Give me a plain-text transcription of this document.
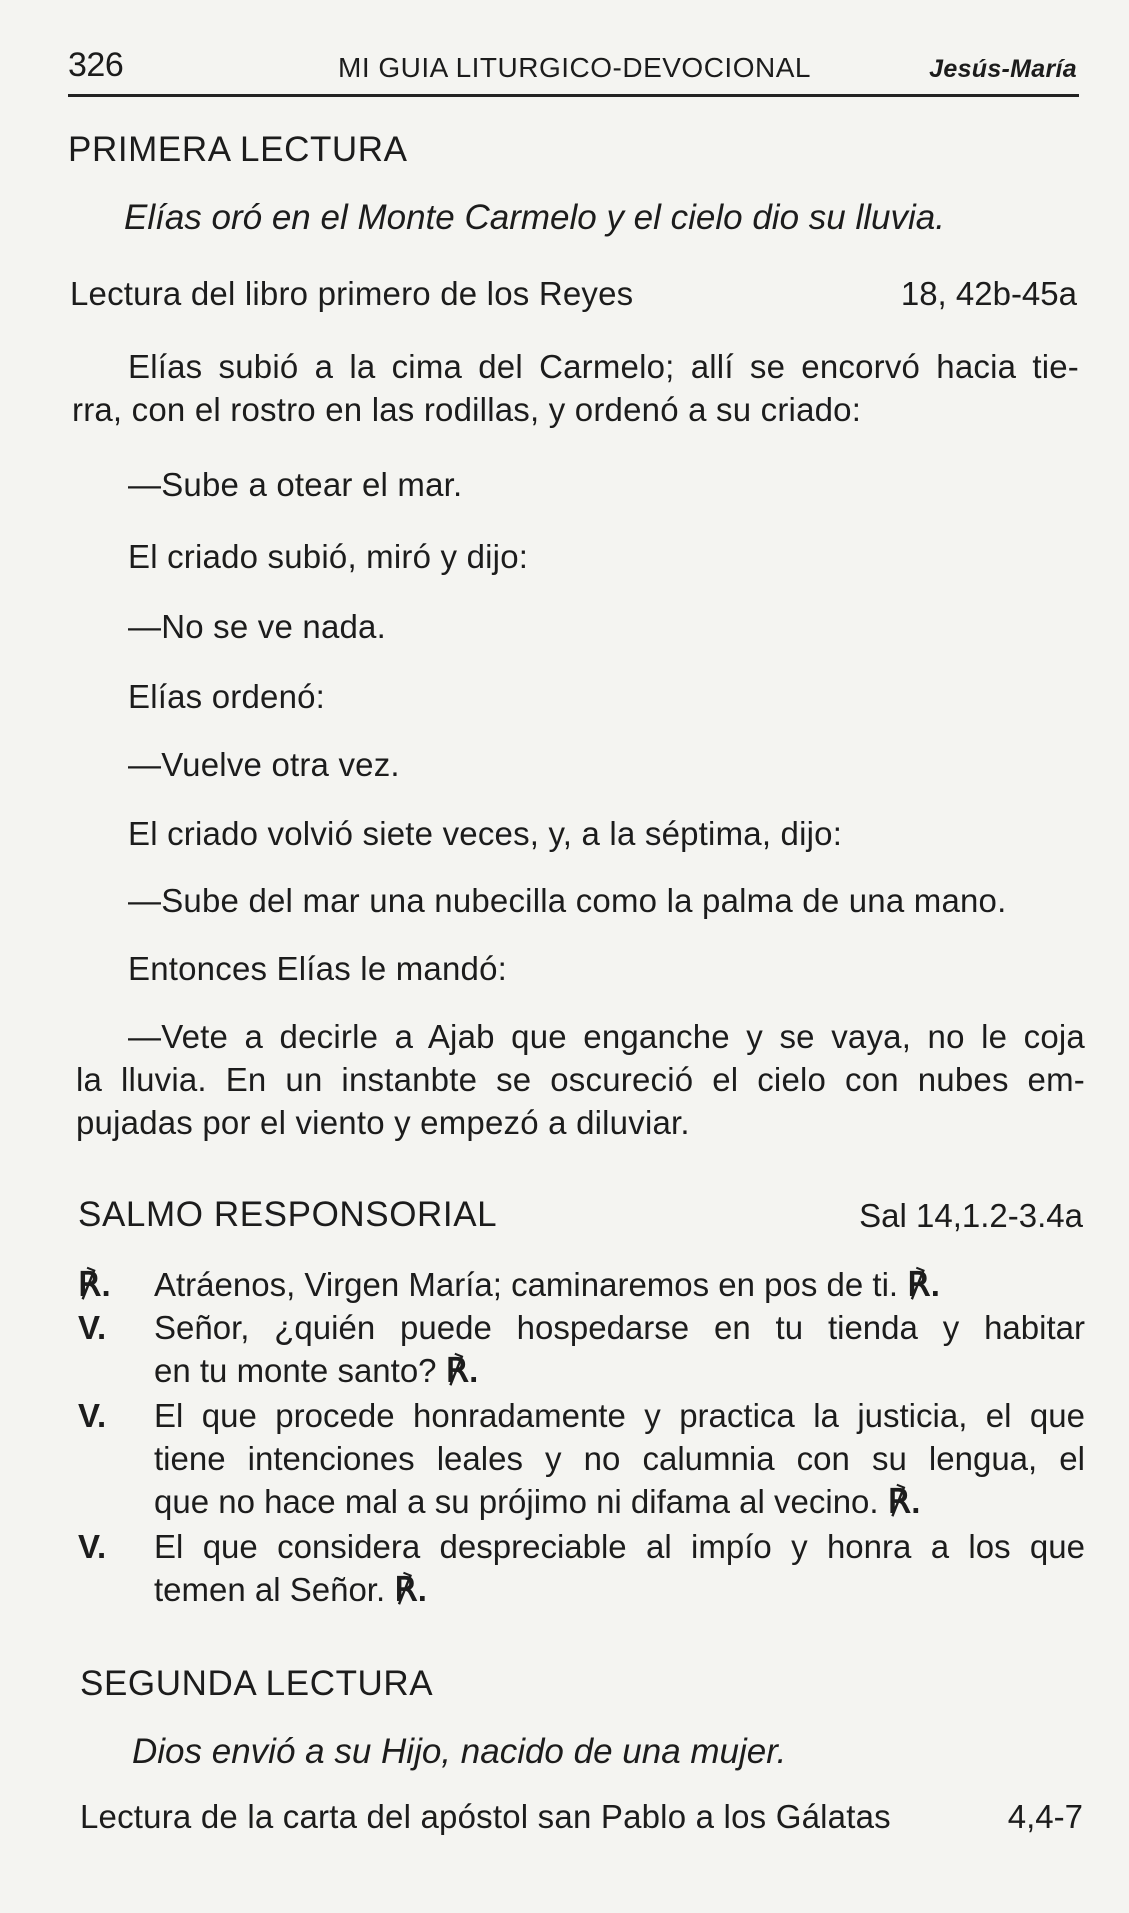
326	MI GUIA LITURGICO-DEVOCIONAL	Jesús-María
PRIMERA LECTURA
Elías oró en el Monte Carmelo y el cielo dio su lluvia.
Lectura del libro primero de los Reyes	18, 42b-45a
Elías subió a la cima del Carmelo; allí se encorvó hacia tie-
rra, con el rostro en las rodillas, y ordenó a su criado:
—Sube a otear el mar.
El criado subió, miró y dijo:
—No se ve nada.
Elías ordenó:
—Vuelve otra vez.
El criado volvió siete veces, y, a la séptima, dijo:
—Sube del mar una nubecilla como la palma de una mano.
Entonces Elías le mandó:
—Vete a decirle a Ajab que enganche y se vaya, no le coja
la lluvia. En un instanbte se oscureció el cielo con nubes em-
pujadas por el viento y empezó a diluviar.
SALMO RESPONSORIAL	Sal 14,1.2-3.4a
℟.	Atráenos, Virgen María; caminaremos en pos de ti. ℟.
V.	Señor, ¿quién puede hospedarse en tu tienda y habitar
en tu monte santo? ℟.
V.	El que procede honradamente y practica la justicia, el que
tiene intenciones leales y no calumnia con su lengua, el
que no hace mal a su prójimo ni difama al vecino. ℟.
V.	El que considera despreciable al impío y honra a los que
temen al Señor. ℟.
SEGUNDA LECTURA
Dios envió a su Hijo, nacido de una mujer.
Lectura de la carta del apóstol san Pablo a los Gálatas	4,4-7
